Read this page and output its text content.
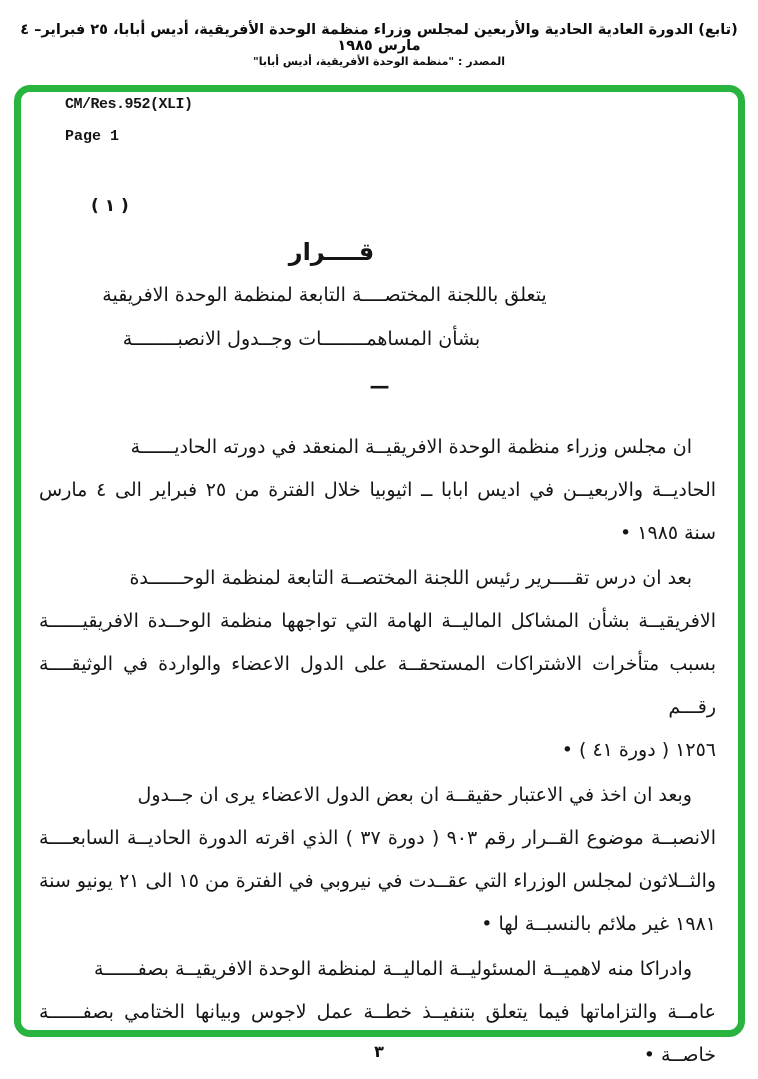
(تابع) الدورة العادية الحادية والأربعين لمجلس وزراء منظمة الوحدة الأفريقية، أديس أبابا، ٢٥ فبراير– ٤ مارس ١٩٨٥
المصدر : "منظمة الوحدة الأفريقية، أديس أبابا"
CM/Res.952(XLI)
Page 1
( ١ )
قــــرار
يتعلق باللجنة المختصــــة التابعة لمنظمة الوحدة الافريقية
بشأن المساهمــــــــات وجــدول الانصبــــــــة
—
ان مجلس وزراء منظمة الوحدة الافريقيــة المنعقد في دورته الحاديــــــة
الحاديــة والاربعيــن في اديس ابابا ــ اثيوبيا خلال الفترة من ٢٥ فبراير الى ٤ مارس
سنة ١٩٨٥ •
بعد ان درس تقــــرير رئيس اللجنة المختصــة التابعة لمنظمة الوحــــــدة
الافريقيــة بشأن المشاكل الماليــة الهامة التي تواجهها منظمة الوحــدة الافريقيــــــة
بسبب متأخرات الاشتراكات المستحقــة على الدول الاعضاء والواردة في الوثيقــــة رقـــم
١٢٥٦ ( دورة ٤١ ) •
وبعد ان اخذ في الاعتبار حقيقــة ان بعض الدول الاعضاء يرى ان جــدول
الانصبــة موضوع القــرار رقم ٩٠٣ ( دورة ٣٧ ) الذي اقرته الدورة الحاديــة السابعــــة
والثــلاثون لمجلس الوزراء التي عقــدت في نيروبي في الفترة من ١٥ الى ٢١ يونيو سنة
١٩٨١ غير ملائم بالنسبــة لها •
وادراكا منه لاهميــة المسئوليــة الماليــة لمنظمة الوحدة الافريقيــة بصفــــــة
عامــة والتزاماتها فيما يتعلق بتنفيــذ خطــة عمل لاجوس وبيانها الختامي بصفــــــة
خاصــة •
٣
